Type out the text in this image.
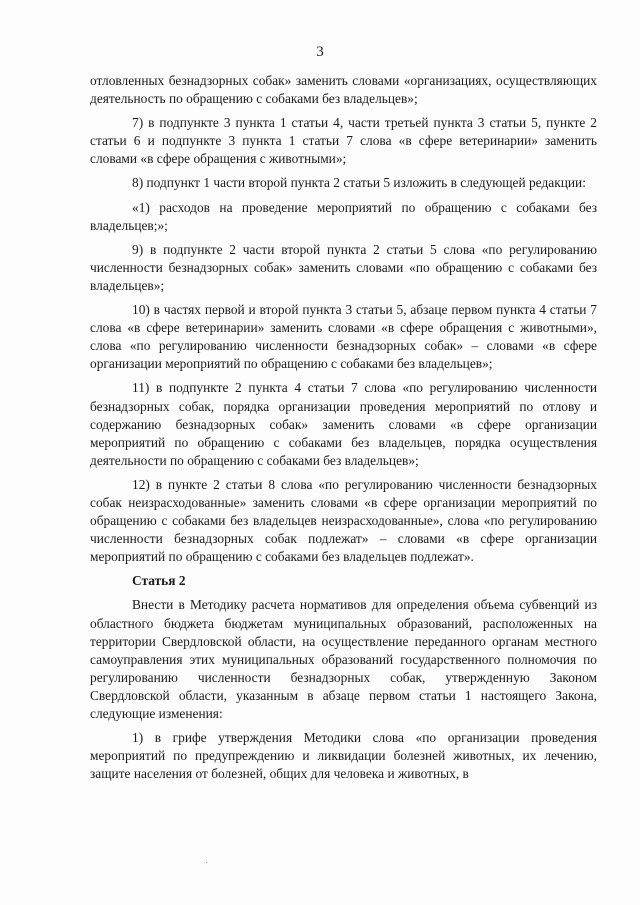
3

отловленных безнадзорных собак» заменить словами «организациях, осуществляющих деятельность по обращению с собаками без владельцев»;

7) в подпункте 3 пункта 1 статьи 4, части третьей пункта 3 статьи 5, пункте 2 статьи 6 и подпункте 3 пункта 1 статьи 7 слова «в сфере ветеринарии» заменить словами «в сфере обращения с животными»;

8) подпункт 1 части второй пункта 2 статьи 5 изложить в следующей редакции:

«1) расходов на проведение мероприятий по обращению с собаками без владельцев;»;

9) в подпункте 2 части второй пункта 2 статьи 5 слова «по регулированию численности безнадзорных собак» заменить словами «по обращению с собаками без владельцев»;

10) в частях первой и второй пункта 3 статьи 5, абзаце первом пункта 4 статьи 7 слова «в сфере ветеринарии» заменить словами «в сфере обращения с животными», слова «по регулированию численности безнадзорных собак» – словами «в сфере организации мероприятий по обращению с собаками без владельцев»;

11) в подпункте 2 пункта 4 статьи 7 слова «по регулированию численности безнадзорных собак, порядка организации проведения мероприятий по отлову и содержанию безнадзорных собак» заменить словами «в сфере организации мероприятий по обращению с собаками без владельцев, порядка осуществления деятельности по обращению с собаками без владельцев»;

12) в пункте 2 статьи 8 слова «по регулированию численности безнадзорных собак неизрасходованные» заменить словами «в сфере организации мероприятий по обращению с собаками без владельцев неизрасходованные», слова «по регулированию численности безнадзорных собак подлежат» – словами «в сфере организации мероприятий по обращению с собаками без владельцев подлежат».

Статья 2

Внести в Методику расчета нормативов для определения объема субвенций из областного бюджета бюджетам муниципальных образований, расположенных на территории Свердловской области, на осуществление переданного органам местного самоуправления этих муниципальных образований государственного полномочия по регулированию численности безнадзорных собак, утвержденную Законом Свердловской области, указанным в абзаце первом статьи 1 настоящего Закона, следующие изменения:

1) в грифе утверждения Методики слова «по организации проведения мероприятий по предупреждению и ликвидации болезней животных, их лечению, защите населения от болезней, общих для человека и животных, в
